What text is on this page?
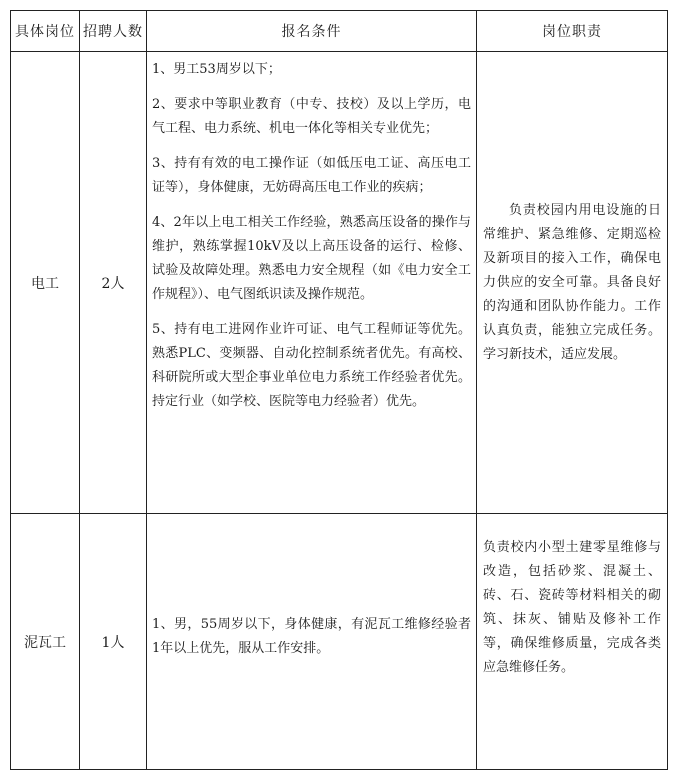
具体岗位	招聘人数	报名条件	岗位职责
电工	2人	1、男工53周岁以下；

2、要求中等职业教育（中专、技校）及以上学历，电气工程、电力系统、机电一体化等相关专业优先；

3、持有有效的电工操作证（如低压电工证、高压电工证等），身体健康，无妨碍高压电工作业的疾病；

4、2年以上电工相关工作经验，熟悉高压设备的操作与维护，熟练掌握10kV及以上高压设备的运行、检修、试验及故障处理。熟悉电力安全规程（如《电力安全工作规程》）、电气图纸识读及操作规范。

5、持有电工进网作业许可证、电气工程师证等优先。熟悉PLC、变频器、自动化控制系统者优先。有高校、科研院所或大型企事业单位电力系统工作经验者优先。持定行业（如学校、医院等电力经验者）优先。	负责校园内用电设施的日常维护、紧急维修、定期巡检及新项目的接入工作，确保电力供应的安全可靠。具备良好的沟通和团队协作能力。工作认真负责，能独立完成任务。学习新技术，适应发展。

泥瓦工	1人	1、男，55周岁以下，身体健康，有泥瓦工维修经验者1年以上优先，服从工作安排。	负责校内小型土建零星维修与改造，包括砂浆、混凝土、砖、石、瓷砖等材料相关的砌筑、抹灰、铺贴及修补工作等，确保维修质量，完成各类应急维修任务。
